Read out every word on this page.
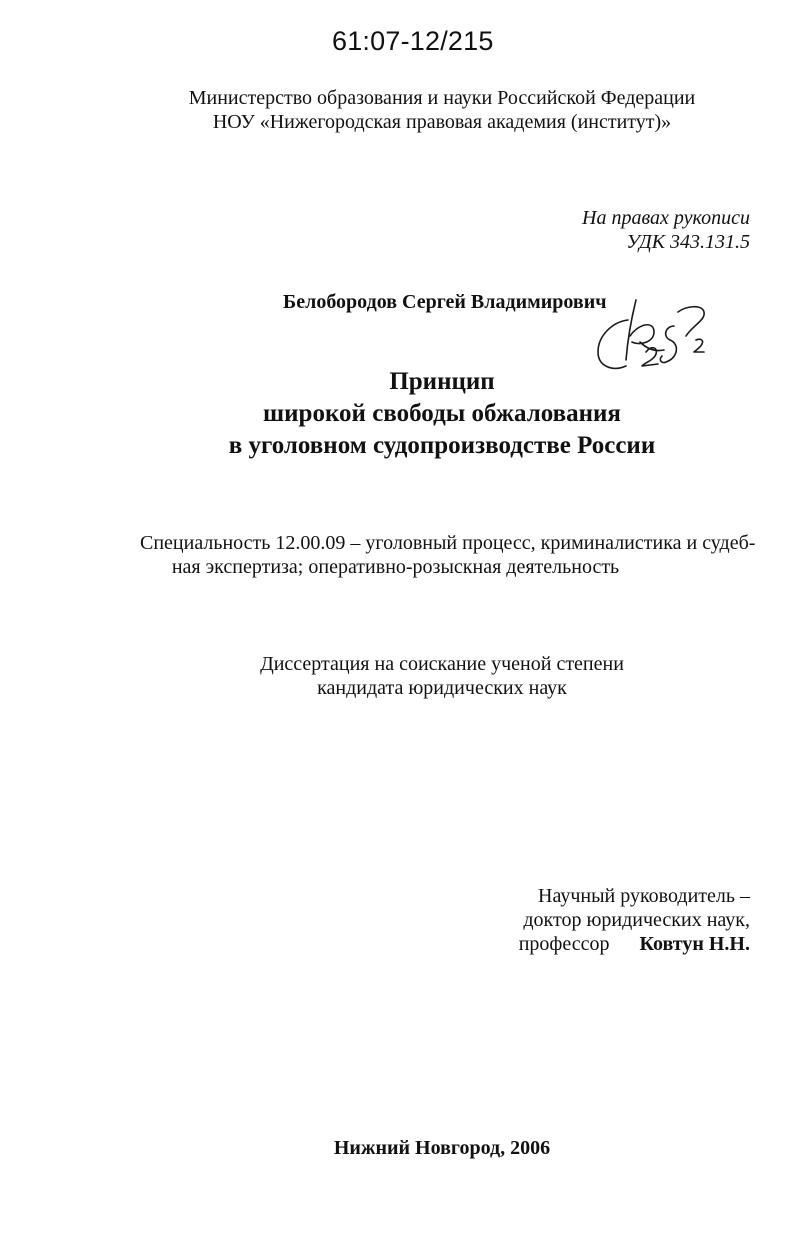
61:07-12/215
Министерство образования и науки Российской Федерации
НОУ «Нижегородская правовая академия (институт)»
На правах рукописи
УДК 343.131.5
Белобородов Сергей Владимирович
Принцип
широкой свободы обжалования
в уголовном судопроизводстве России
Специальность 12.00.09 – уголовный процесс, криминалистика и судеб-
ная экспертиза; оперативно-розыскная деятельность
Диссертация на соискание ученой степени
кандидата юридических наук
Научный руководитель –
доктор юридических наук,
профессор Ковтун Н.Н.
Нижний Новгород, 2006
